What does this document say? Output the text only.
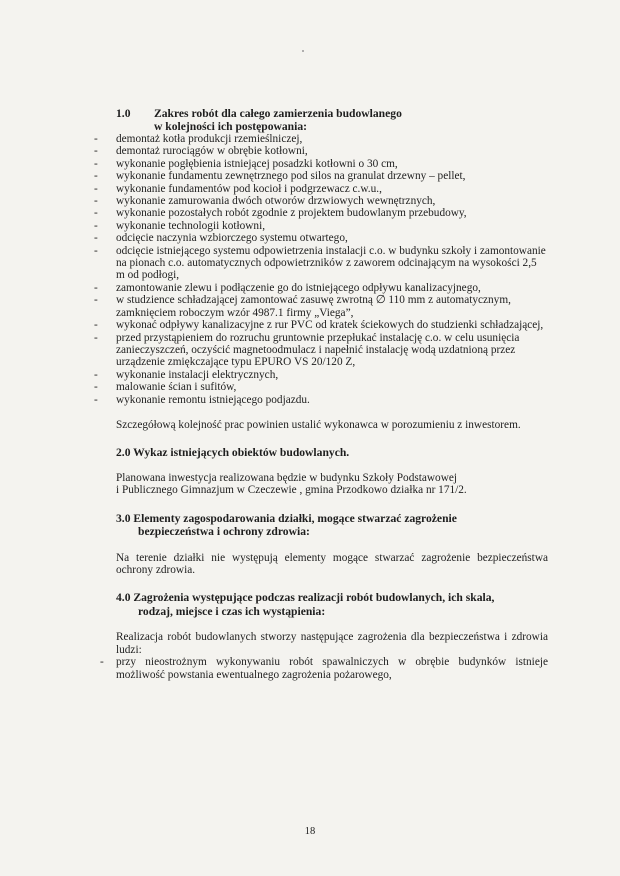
1.0 Zakres robót dla całego zamierzenia budowlanego
w kolejności ich postępowania:
- demontaż kotła produkcji rzemieślniczej,
- demontaż rurociągów w obrębie kotłowni,
- wykonanie pogłębienia istniejącej posadzki kotłowni o 30 cm,
- wykonanie fundamentu zewnętrznego pod silos na granulat drzewny – pellet,
- wykonanie fundamentów pod kocioł i podgrzewacz c.w.u.,
- wykonanie zamurowania dwóch otworów drzwiowych wewnętrznych,
- wykonanie pozostałych robót zgodnie z projektem budowlanym przebudowy,
- wykonanie technologii kotłowni,
- odcięcie naczynia wzbiorczego systemu otwartego,
- odcięcie istniejącego systemu odpowietrzenia instalacji c.o. w budynku szkoły i zamontowanie na pionach c.o. automatycznych odpowietrzników z zaworem odcinającym na wysokości 2,5 m od podłogi,
- zamontowanie zlewu i podłączenie go do istniejącego odpływu kanalizacyjnego,
- w studzience schładzającej zamontować zasuwę zwrotną ∅ 110 mm z automatycznym, zamknięciem roboczym wzór 4987.1 firmy „Viega”,
- wykonać odpływy kanalizacyjne z rur PVC od kratek ściekowych do studzienki schładzającej,
- przed przystąpieniem do rozruchu gruntownie przepłukać instalację c.o. w celu usunięcia zanieczyszczeń, oczyścić magnetoodmulacz i napełnić instalację wodą uzdatnioną przez urządzenie zmiękczające typu EPURO VS 20/120 Z,
- wykonanie instalacji elektrycznych,
- malowanie ścian i sufitów,
- wykonanie remontu istniejącego podjazdu.
Szczegółową kolejność prac powinien ustalić wykonawca w porozumieniu z inwestorem.
2.0 Wykaz istniejących obiektów budowlanych.
Planowana inwestycja realizowana będzie w budynku Szkoły Podstawowej
i Publicznego Gimnazjum w Czeczewie , gmina Przodkowo działka nr 171/2.
3.0 Elementy zagospodarowania działki, mogące stwarzać zagrożenie
bezpieczeństwa i ochrony zdrowia:
Na terenie działki nie występują elementy mogące stwarzać zagrożenie bezpieczeństwa ochrony zdrowia.
4.0 Zagrożenia występujące podczas realizacji robót budowlanych, ich skala,
rodzaj, miejsce i czas ich wystąpienia:
Realizacja robót budowlanych stworzy następujące zagrożenia dla bezpieczeństwa i zdrowia ludzi:
- przy nieostrożnym wykonywaniu robót spawalniczych w obrębie budynków istnieje możliwość powstania ewentualnego zagrożenia pożarowego,
18
